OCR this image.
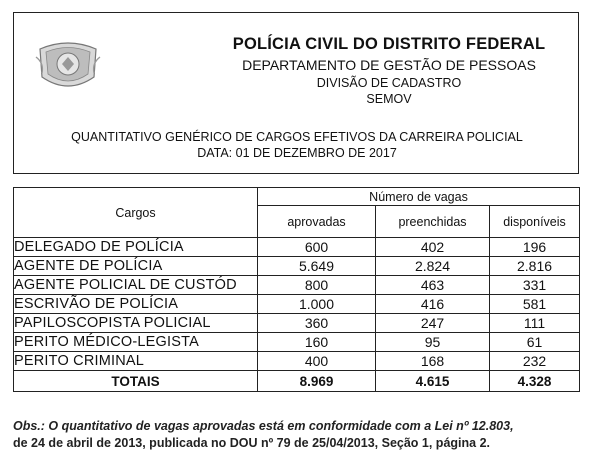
POLÍCIA CIVIL DO DISTRITO FEDERAL
DEPARTAMENTO DE GESTÃO DE PESSOAS
DIVISÃO DE CADASTRO
SEMOV
QUANTITATIVO GENÉRICO DE CARGOS EFETIVOS DA CARREIRA POLICIAL
DATA: 01 DE DEZEMBRO DE 2017
Cargos	Número de vagas		
	aprovadas	preenchidas	disponíveis
DELEGADO DE POLÍCIA	600	402	196
AGENTE DE POLÍCIA	5.649	2.824	2.816
AGENTE POLICIAL DE CUSTÓD	800	463	331
ESCRIVÃO DE POLÍCIA	1.000	416	581
PAPILOSCOPISTA POLICIAL	360	247	111
PERITO MÉDICO-LEGISTA	160	95	61
PERITO CRIMINAL	400	168	232
TOTAIS	8.969	4.615	4.328
Obs.: O quantitativo de vagas aprovadas está em conformidade com a Lei nº 12.803,
de 24 de abril de 2013, publicada no DOU nº 79 de 25/04/2013, Seção 1, página 2.
